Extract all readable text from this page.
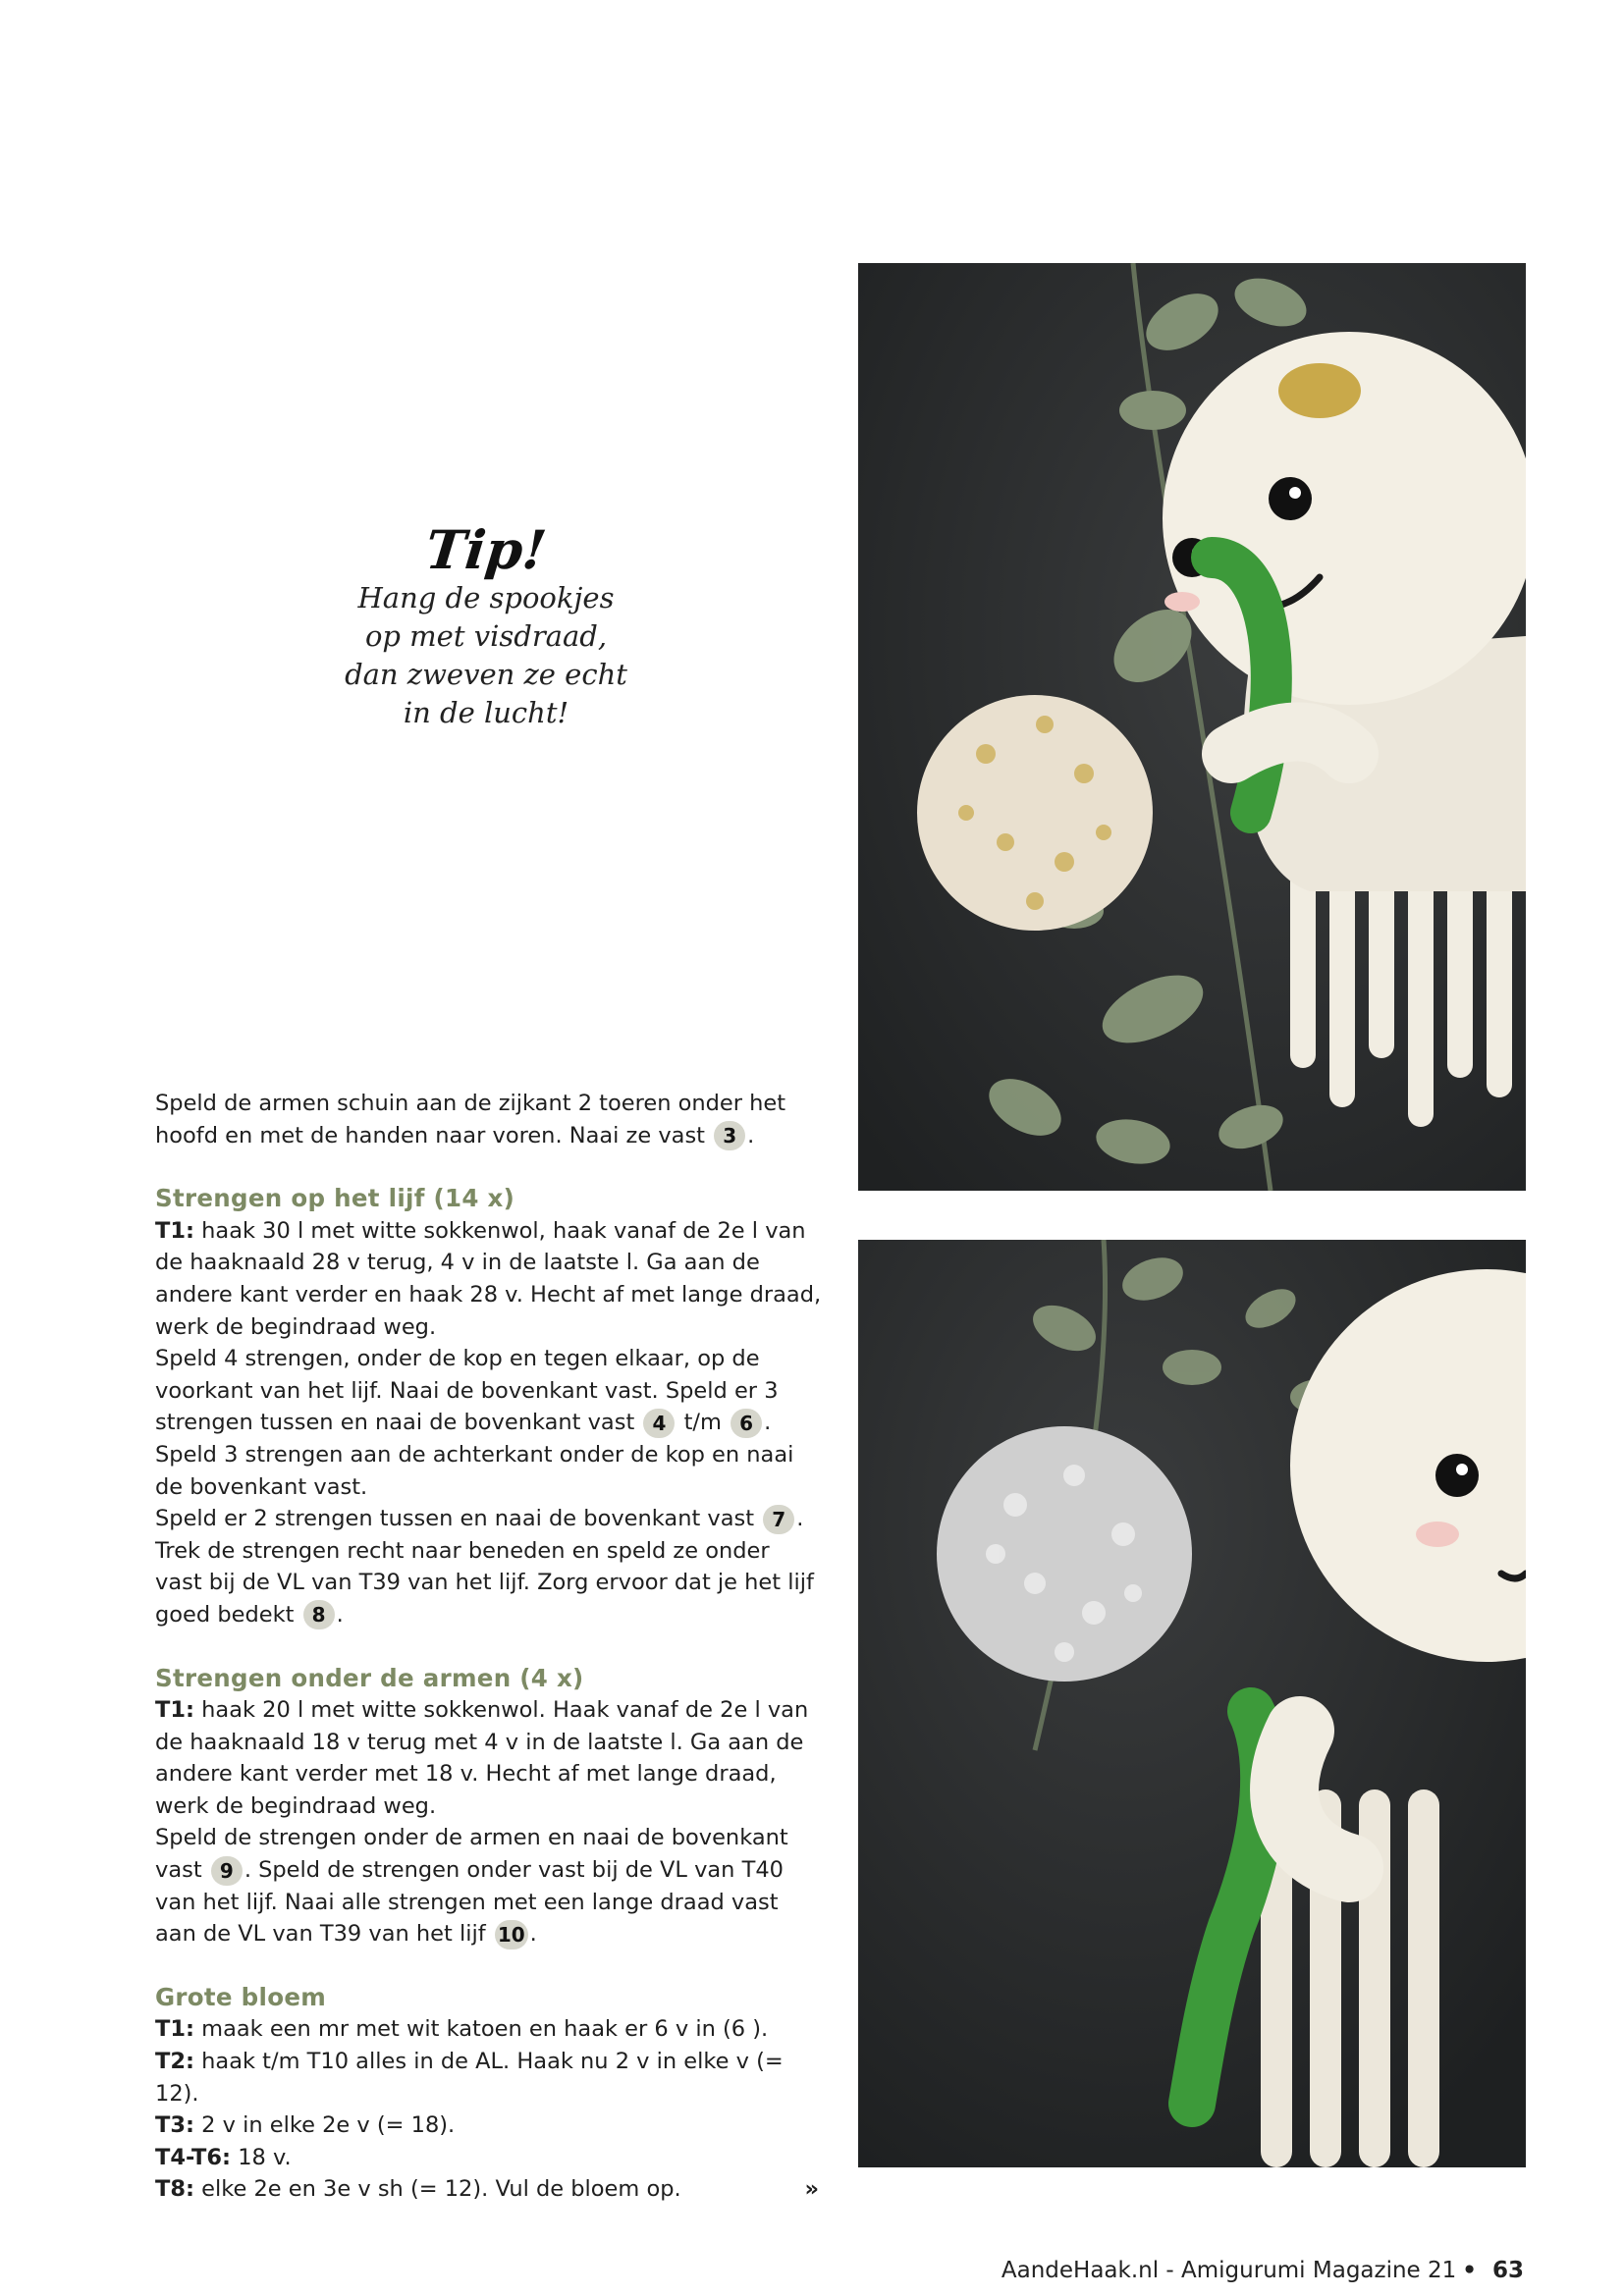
Tip!
Hang de spookjes
op met visdraad,
dan zweven ze echt
in de lucht!

Speld de armen schuin aan de zijkant 2 toeren onder het hoofd en met de handen naar voren. Naai ze vast 3 .

Strengen op het lijf (14 x)

T1: haak 30 l met witte sokkenwol, haak vanaf de 2e l van de haaknaald 28 v terug, 4 v in de laatste l. Ga aan de andere kant verder en haak 28 v. Hecht af met lange draad, werk de begindraad weg.

Speld 4 strengen, onder de kop en tegen elkaar, op de voorkant van het lijf. Naai de bovenkant vast. Speld er 3 strengen tussen en naai de bovenkant vast 4 t/m 6 .

Speld 3 strengen aan de achterkant onder de kop en naai de bovenkant vast.

Speld er 2 strengen tussen en naai de bovenkant vast 7 .

Trek de strengen recht naar beneden en speld ze onder vast bij de VL van T39 van het lijf. Zorg ervoor dat je het lijf goed bedekt 8 .

Strengen onder de armen (4 x)

T1: haak 20 l met witte sokkenwol. Haak vanaf de 2e l van de haaknaald 18 v terug met 4 v in de laatste l. Ga aan de andere kant verder met 18 v. Hecht af met lange draad, werk de begindraad weg.

Speld de strengen onder de armen en naai de bovenkant vast 9 . Speld de strengen onder vast bij de VL van T40 van het lijf. Naai alle strengen met een lange draad vast aan de VL van T39 van het lijf 10 .

Grote bloem

T1: maak een mr met wit katoen en haak er 6 v in (6 ).

T2: haak t/m T10 alles in de AL. Haak nu 2 v in elke v (= 12).

T3: 2 v in elke 2e v (= 18).

T4-T6: 18 v.

T8: elke 2e en 3e v sh (= 12). Vul de bloem op.	»
AandeHaak.nl - Amigurumi Magazine 21 • 63
